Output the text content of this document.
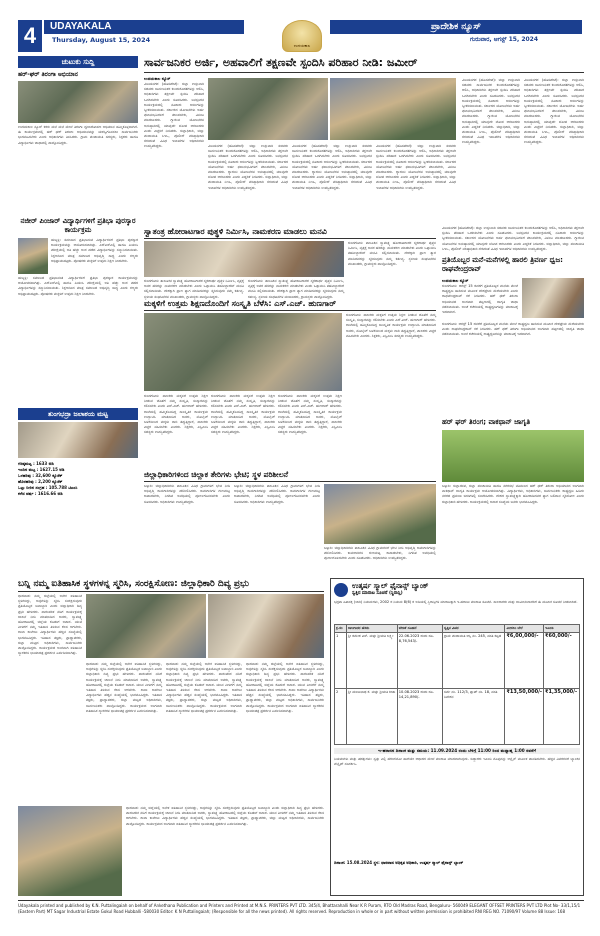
4	UDAYAKALA
Thursday, August 15, 2024
ಉದಯಕಾಲ
ಪ್ರಾದೇಶಿಕ ನ್ಯೂಸ್
ಗುರುವಾರ, ಆಗಸ್ಟ್ 15, 2024
ಚುಟುಕು ಸುದ್ದಿ
ಹರ್-ಘರ್ ತಿರಂಗಾ ಅಭಿಯಾನ
ಉದಯಕಾಲ ನ್ಯೂಸ್ ಕರಕು ಮನೆ ಮನೆ ಮೇಲೆ ತಿರಂಗಾ ಧ್ವಜಾರೋಹಣ ಅಭಿಯಾನ ಹಮ್ಮಿಕೊಳ್ಳಲಾಗಿದೆ. ಈ ಕಾರ್ಯಕ್ರಮದಲ್ಲಿ ಹರ್ ಘರ್ ತಿರಂಗಾ ಅಭಿಯಾನವನ್ನು ಯಶಸ್ವಿಗೊಳಿಸಲು ಸಾರ್ವಜನಿಕರು ಭಾಗವಹಿಸಬೇಕು ಎಂದು ಅಧಿಕಾರಿಗಳು ತಿಳಿಸಿದರು. ಗ್ರಾಮ ಪಂಚಾಯಿತಿ ಸದಸ್ಯರು, ಶಿಕ್ಷಕರು ಹಾಗೂ ವಿದ್ಯಾರ್ಥಿಗಳು ಜಾಥಾದಲ್ಲಿ ಪಾಲ್ಗೊಂಡಿದ್ದರು.
ನಜೀರ್ ಪಿಂಜಾರ್ ವಿದ್ಯಾರ್ಥಿಗಳಿಗೆ ಪ್ರತಿಭಾ ಪುರಸ್ಕಾರ ಕಾರ್ಯಕ್ರಮ
ಹುಬ್ಬಳ್ಳಿ: ಸಮಾಜದ ಪ್ರತಿಭಾವಂತ ವಿದ್ಯಾರ್ಥಿಗಳಿಗೆ ಪ್ರತಿಭಾ ಪುರಸ್ಕಾರ ಕಾರ್ಯಕ್ರಮವನ್ನು ಆಯೋಜಿಸಲಾಗಿತ್ತು. ಎಸ್ಎಸ್ಎಲ್ಸಿ ಹಾಗೂ ಪಿಯುಸಿ ಪರೀಕ್ಷೆಯಲ್ಲಿ ಅತಿ ಹೆಚ್ಚು ಅಂಕ ಪಡೆದ ವಿದ್ಯಾರ್ಥಿಗಳನ್ನು ಸನ್ಮಾನಿಸಲಾಯಿತು. ಶಿಕ್ಷಣದಿಂದ ಮಾತ್ರ ಸಮಾಜದ ಅಭಿವೃದ್ಧಿ ಸಾಧ್ಯ ಎಂದು ಗಣ್ಯರು ಅಭಿಪ್ರಾಯಪಟ್ಟರು. ಪೋಷಕರು ಮಕ್ಕಳಿಗೆ ಉತ್ತಮ ಶಿಕ್ಷಣ ನೀಡಬೇಕು.
ಹುಬ್ಬಳ್ಳಿ: ಸಮಾಜದ ಪ್ರತಿಭಾವಂತ ವಿದ್ಯಾರ್ಥಿಗಳಿಗೆ ಪ್ರತಿಭಾ ಪುರಸ್ಕಾರ ಕಾರ್ಯಕ್ರಮವನ್ನು ಆಯೋಜಿಸಲಾಗಿತ್ತು. ಎಸ್ಎಸ್ಎಲ್ಸಿ ಹಾಗೂ ಪಿಯುಸಿ ಪರೀಕ್ಷೆಯಲ್ಲಿ ಅತಿ ಹೆಚ್ಚು ಅಂಕ ಪಡೆದ ವಿದ್ಯಾರ್ಥಿಗಳನ್ನು ಸನ್ಮಾನಿಸಲಾಯಿತು. ಶಿಕ್ಷಣದಿಂದ ಮಾತ್ರ ಸಮಾಜದ ಅಭಿವೃದ್ಧಿ ಸಾಧ್ಯ ಎಂದು ಗಣ್ಯರು ಅಭಿಪ್ರಾಯಪಟ್ಟರು. ಪೋಷಕರು ಮಕ್ಕಳಿಗೆ ಉತ್ತಮ ಶಿಕ್ಷಣ ನೀಡಬೇಕು.
ತುಂಗಭದ್ರಾ ಜಲಾಶಯ ಮಟ್ಟ
ಗರಿಷ್ಠಮಟ್ಟ : 1633 ಅಡಿ
ಇಂದಿನ ಮಟ್ಟ : 1627.15 ಅಡಿ
ಒಳಹರಿವು : 32,600 ಕ್ಯೂಸೆಕ್
ಹೊರಹರಿವು : 2,200 ಕ್ಯೂಸೆಕ್
ಒಟ್ಟು ನೀರಿನ ಸಂಗ್ರಹ : 105.788 ಟಿಎಂಸಿ
ಕಳೆದ ವರ್ಷ : 1616.66 ಅಡಿ
ಸಾರ್ವಜನಿಕರ ಅರ್ಜಿ, ಅಹವಾಲಿಗೆ ತಕ್ಷಣವೇ ಸ್ಪಂದಿಸಿ ಪರಿಹಾರ ನೀಡಿ: ಜಮೀರ್
ಉದಯಕಾಲ ನ್ಯೂಸ್
ವಿಜಯನಗರ (ಹೊಸಪೇಟೆ): ಜಿಲ್ಲಾ ಉಸ್ತುವಾರಿ ಸಚಿವರು ಸಾರ್ವಜನಿಕರ ಕುಂದುಕೊರತೆಗಳನ್ನು ಆಲಿಸಿ, ಅಧಿಕಾರಿಗಳು ತಕ್ಷಣವೇ ಸ್ಪಂದಿಸಿ ಪರಿಹಾರ ಒದಗಿಸಬೇಕು ಎಂದು ಸೂಚಿಸಿದರು. ಜನಸ್ಪಂದನ ಕಾರ್ಯಕ್ರಮದಲ್ಲಿ ನೂರಾರು ಅರ್ಜಿಗಳನ್ನು ಸ್ವೀಕರಿಸಲಾಯಿತು. ಸರ್ಕಾರದ ಯೋಜನೆಗಳು ಅರ್ಹ ಫಲಾನುಭವಿಗಳಿಗೆ ತಲುಪಬೇಕು, ವಿಳಂಬ ಮಾಡಬಾರದು. ಗ್ಯಾರಂಟಿ ಯೋಜನೆಗಳ ಅನುಷ್ಠಾನದಲ್ಲಿ ಯಾವುದೇ ಲೋಪ ಆಗಬಾರದು ಎಂದು ಎಚ್ಚರಿಕೆ ನೀಡಿದರು. ಜಿಲ್ಲಾಧಿಕಾರಿ, ಜಿಲ್ಲಾ ಪಂಚಾಯಿತಿ ಸಿಇಒ, ಪೊಲೀಸ್ ವರಿಷ್ಠಾಧಿಕಾರಿ ಸೇರಿದಂತೆ ವಿವಿಧ ಇಲಾಖೆಗಳ ಅಧಿಕಾರಿಗಳು ಉಪಸ್ಥಿತರಿದ್ದರು.	ವಿಜಯನಗರ (ಹೊಸಪೇಟೆ): ಜಿಲ್ಲಾ ಉಸ್ತುವಾರಿ ಸಚಿವರು ಸಾರ್ವಜನಿಕರ ಕುಂದುಕೊರತೆಗಳನ್ನು ಆಲಿಸಿ, ಅಧಿಕಾರಿಗಳು ತಕ್ಷಣವೇ ಸ್ಪಂದಿಸಿ ಪರಿಹಾರ ಒದಗಿಸಬೇಕು ಎಂದು ಸೂಚಿಸಿದರು. ಜನಸ್ಪಂದನ ಕಾರ್ಯಕ್ರಮದಲ್ಲಿ ನೂರಾರು ಅರ್ಜಿಗಳನ್ನು ಸ್ವೀಕರಿಸಲಾಯಿತು. ಸರ್ಕಾರದ ಯೋಜನೆಗಳು ಅರ್ಹ ಫಲಾನುಭವಿಗಳಿಗೆ ತಲುಪಬೇಕು, ವಿಳಂಬ ಮಾಡಬಾರದು. ಗ್ಯಾರಂಟಿ ಯೋಜನೆಗಳ ಅನುಷ್ಠಾನದಲ್ಲಿ ಯಾವುದೇ ಲೋಪ ಆಗಬಾರದು ಎಂದು ಎಚ್ಚರಿಕೆ ನೀಡಿದರು. ಜಿಲ್ಲಾಧಿಕಾರಿ, ಜಿಲ್ಲಾ ಪಂಚಾಯಿತಿ ಸಿಇಒ, ಪೊಲೀಸ್ ವರಿಷ್ಠಾಧಿಕಾರಿ ಸೇರಿದಂತೆ ವಿವಿಧ ಇಲಾಖೆಗಳ ಅಧಿಕಾರಿಗಳು ಉಪಸ್ಥಿತರಿದ್ದರು.
ವಿಜಯನಗರ (ಹೊಸಪೇಟೆ): ಜಿಲ್ಲಾ ಉಸ್ತುವಾರಿ ಸಚಿವರು ಸಾರ್ವಜನಿಕರ ಕುಂದುಕೊರತೆಗಳನ್ನು ಆಲಿಸಿ, ಅಧಿಕಾರಿಗಳು ತಕ್ಷಣವೇ ಸ್ಪಂದಿಸಿ ಪರಿಹಾರ ಒದಗಿಸಬೇಕು ಎಂದು ಸೂಚಿಸಿದರು. ಜನಸ್ಪಂದನ ಕಾರ್ಯಕ್ರಮದಲ್ಲಿ ನೂರಾರು ಅರ್ಜಿಗಳನ್ನು ಸ್ವೀಕರಿಸಲಾಯಿತು. ಸರ್ಕಾರದ ಯೋಜನೆಗಳು ಅರ್ಹ ಫಲಾನುಭವಿಗಳಿಗೆ ತಲುಪಬೇಕು, ವಿಳಂಬ ಮಾಡಬಾರದು. ಗ್ಯಾರಂಟಿ ಯೋಜನೆಗಳ ಅನುಷ್ಠಾನದಲ್ಲಿ ಯಾವುದೇ ಲೋಪ ಆಗಬಾರದು ಎಂದು ಎಚ್ಚರಿಕೆ ನೀಡಿದರು. ಜಿಲ್ಲಾಧಿಕಾರಿ, ಜಿಲ್ಲಾ ಪಂಚಾಯಿತಿ ಸಿಇಒ, ಪೊಲೀಸ್ ವರಿಷ್ಠಾಧಿಕಾರಿ ಸೇರಿದಂತೆ ವಿವಿಧ ಇಲಾಖೆಗಳ ಅಧಿಕಾರಿಗಳು ಉಪಸ್ಥಿತರಿದ್ದರು.
ವಿಜಯನಗರ (ಹೊಸಪೇಟೆ): ಜಿಲ್ಲಾ ಉಸ್ತುವಾರಿ ಸಚಿವರು ಸಾರ್ವಜನಿಕರ ಕುಂದುಕೊರತೆಗಳನ್ನು ಆಲಿಸಿ, ಅಧಿಕಾರಿಗಳು ತಕ್ಷಣವೇ ಸ್ಪಂದಿಸಿ ಪರಿಹಾರ ಒದಗಿಸಬೇಕು ಎಂದು ಸೂಚಿಸಿದರು. ಜನಸ್ಪಂದನ ಕಾರ್ಯಕ್ರಮದಲ್ಲಿ ನೂರಾರು ಅರ್ಜಿಗಳನ್ನು ಸ್ವೀಕರಿಸಲಾಯಿತು. ಸರ್ಕಾರದ ಯೋಜನೆಗಳು ಅರ್ಹ ಫಲಾನುಭವಿಗಳಿಗೆ ತಲುಪಬೇಕು, ವಿಳಂಬ ಮಾಡಬಾರದು. ಗ್ಯಾರಂಟಿ ಯೋಜನೆಗಳ ಅನುಷ್ಠಾನದಲ್ಲಿ ಯಾವುದೇ ಲೋಪ ಆಗಬಾರದು ಎಂದು ಎಚ್ಚರಿಕೆ ನೀಡಿದರು. ಜಿಲ್ಲಾಧಿಕಾರಿ, ಜಿಲ್ಲಾ ಪಂಚಾಯಿತಿ ಸಿಇಒ, ಪೊಲೀಸ್ ವರಿಷ್ಠಾಧಿಕಾರಿ ಸೇರಿದಂತೆ ವಿವಿಧ ಇಲಾಖೆಗಳ ಅಧಿಕಾರಿಗಳು ಉಪಸ್ಥಿತರಿದ್ದರು.
ವಿಜಯನಗರ (ಹೊಸಪೇಟೆ): ಜಿಲ್ಲಾ ಉಸ್ತುವಾರಿ ಸಚಿವರು ಸಾರ್ವಜನಿಕರ ಕುಂದುಕೊರತೆಗಳನ್ನು ಆಲಿಸಿ, ಅಧಿಕಾರಿಗಳು ತಕ್ಷಣವೇ ಸ್ಪಂದಿಸಿ ಪರಿಹಾರ ಒದಗಿಸಬೇಕು ಎಂದು ಸೂಚಿಸಿದರು. ಜನಸ್ಪಂದನ ಕಾರ್ಯಕ್ರಮದಲ್ಲಿ ನೂರಾರು ಅರ್ಜಿಗಳನ್ನು ಸ್ವೀಕರಿಸಲಾಯಿತು. ಸರ್ಕಾರದ ಯೋಜನೆಗಳು ಅರ್ಹ ಫಲಾನುಭವಿಗಳಿಗೆ ತಲುಪಬೇಕು, ವಿಳಂಬ ಮಾಡಬಾರದು. ಗ್ಯಾರಂಟಿ ಯೋಜನೆಗಳ ಅನುಷ್ಠಾನದಲ್ಲಿ ಯಾವುದೇ ಲೋಪ ಆಗಬಾರದು ಎಂದು ಎಚ್ಚರಿಕೆ ನೀಡಿದರು. ಜಿಲ್ಲಾಧಿಕಾರಿ, ಜಿಲ್ಲಾ ಪಂಚಾಯಿತಿ ಸಿಇಒ, ಪೊಲೀಸ್ ವರಿಷ್ಠಾಧಿಕಾರಿ ಸೇರಿದಂತೆ ವಿವಿಧ ಇಲಾಖೆಗಳ ಅಧಿಕಾರಿಗಳು ಉಪಸ್ಥಿತರಿದ್ದರು.
ವಿಜಯನಗರ (ಹೊಸಪೇಟೆ): ಜಿಲ್ಲಾ ಉಸ್ತುವಾರಿ ಸಚಿವರು ಸಾರ್ವಜನಿಕರ ಕುಂದುಕೊರತೆಗಳನ್ನು ಆಲಿಸಿ, ಅಧಿಕಾರಿಗಳು ತಕ್ಷಣವೇ ಸ್ಪಂದಿಸಿ ಪರಿಹಾರ ಒದಗಿಸಬೇಕು ಎಂದು ಸೂಚಿಸಿದರು. ಜನಸ್ಪಂದನ ಕಾರ್ಯಕ್ರಮದಲ್ಲಿ ನೂರಾರು ಅರ್ಜಿಗಳನ್ನು ಸ್ವೀಕರಿಸಲಾಯಿತು. ಸರ್ಕಾರದ ಯೋಜನೆಗಳು ಅರ್ಹ ಫಲಾನುಭವಿಗಳಿಗೆ ತಲುಪಬೇಕು, ವಿಳಂಬ ಮಾಡಬಾರದು. ಗ್ಯಾರಂಟಿ ಯೋಜನೆಗಳ ಅನುಷ್ಠಾನದಲ್ಲಿ ಯಾವುದೇ ಲೋಪ ಆಗಬಾರದು ಎಂದು ಎಚ್ಚರಿಕೆ ನೀಡಿದರು. ಜಿಲ್ಲಾಧಿಕಾರಿ, ಜಿಲ್ಲಾ ಪಂಚಾಯಿತಿ ಸಿಇಒ, ಪೊಲೀಸ್ ವರಿಷ್ಠಾಧಿಕಾರಿ ಸೇರಿದಂತೆ ವಿವಿಧ ಇಲಾಖೆಗಳ ಅಧಿಕಾರಿಗಳು ಉಪಸ್ಥಿತರಿದ್ದರು.
ಸ್ವಾತಂತ್ರ ಹೋರಾಟಗಾರ ಪುತ್ಥಳಿ ನಿರ್ಮಿಸಿ, ನಾಮಕರಣ ಮಾಡಲು ಮನವಿ
ಕುಂದಗೋಳ: ತಾಲೂಕಿನ ಸ್ವಾತಂತ್ರ್ಯ ಹೋರಾಟಗಾರರ ಸ್ಮರಣಾರ್ಥ ಪುತ್ಥಳಿ ನಿರ್ಮಿಸಿ, ವೃತ್ತಕ್ಕೆ ಅವರ ಹೆಸರನ್ನು ನಾಮಕರಣ ಮಾಡಬೇಕು ಎಂದು ಒತ್ತಾಯಿಸಿ ತಹಸೀಲ್ದಾರರಿಗೆ ಮನವಿ ಸಲ್ಲಿಸಲಾಯಿತು. ದೇಶಕ್ಕಾಗಿ ಪ್ರಾಣ ತ್ಯಾಗ ಮಾಡಿದವರನ್ನು ಸ್ಮರಿಸುವುದು ನಮ್ಮ ಕರ್ತವ್ಯ. ಸ್ಥಳೀಯ ಸಂಘಟನೆಗಳ ಮುಖಂಡರು, ಗ್ರಾಮಸ್ಥರು ಪಾಲ್ಗೊಂಡಿದ್ದರು.
ಕುಂದಗೋಳ: ತಾಲೂಕಿನ ಸ್ವಾತಂತ್ರ್ಯ ಹೋರಾಟಗಾರರ ಸ್ಮರಣಾರ್ಥ ಪುತ್ಥಳಿ ನಿರ್ಮಿಸಿ, ವೃತ್ತಕ್ಕೆ ಅವರ ಹೆಸರನ್ನು ನಾಮಕರಣ ಮಾಡಬೇಕು ಎಂದು ಒತ್ತಾಯಿಸಿ ತಹಸೀಲ್ದಾರರಿಗೆ ಮನವಿ ಸಲ್ಲಿಸಲಾಯಿತು. ದೇಶಕ್ಕಾಗಿ ಪ್ರಾಣ ತ್ಯಾಗ ಮಾಡಿದವರನ್ನು ಸ್ಮರಿಸುವುದು ನಮ್ಮ ಕರ್ತವ್ಯ. ಸ್ಥಳೀಯ ಸಂಘಟನೆಗಳ ಮುಖಂಡರು, ಗ್ರಾಮಸ್ಥರು ಪಾಲ್ಗೊಂಡಿದ್ದರು.
ಕುಂದಗೋಳ: ತಾಲೂಕಿನ ಸ್ವಾತಂತ್ರ್ಯ ಹೋರಾಟಗಾರರ ಸ್ಮರಣಾರ್ಥ ಪುತ್ಥಳಿ ನಿರ್ಮಿಸಿ, ವೃತ್ತಕ್ಕೆ ಅವರ ಹೆಸರನ್ನು ನಾಮಕರಣ ಮಾಡಬೇಕು ಎಂದು ಒತ್ತಾಯಿಸಿ ತಹಸೀಲ್ದಾರರಿಗೆ ಮನವಿ ಸಲ್ಲಿಸಲಾಯಿತು. ದೇಶಕ್ಕಾಗಿ ಪ್ರಾಣ ತ್ಯಾಗ ಮಾಡಿದವರನ್ನು ಸ್ಮರಿಸುವುದು ನಮ್ಮ ಕರ್ತವ್ಯ. ಸ್ಥಳೀಯ ಸಂಘಟನೆಗಳ ಮುಖಂಡರು, ಗ್ರಾಮಸ್ಥರು ಪಾಲ್ಗೊಂಡಿದ್ದರು.
ಮಕ್ಕಳಿಗೆ ಉತ್ತಮ ಶಿಕ್ಷಣದೊಂದಿಗೆ ಸಂಸ್ಕೃತಿ ಬೆಳೆಸಿ: ಎಸ್.ಎಚ್. ಹುಣಗಾರ್
ಕುಂದಗೋಳ: ಪಾಲಕರು ಮಕ್ಕಳಿಗೆ ಉತ್ತಮ ಶಿಕ್ಷಣ ನೀಡುವ ಜೊತೆಗೆ ನಮ್ಮ ಸಂಸ್ಕೃತಿ, ಸಂಸ್ಕಾರವನ್ನು ಕಲಿಸಬೇಕು ಎಂದು ಎಸ್.ಎಚ್. ಹುಣಗಾರ್ ಹೇಳಿದರು. ಶಾಲೆಯಲ್ಲಿ ಹಮ್ಮಿಕೊಂಡಿದ್ದ ಸಾಂಸ್ಕೃತಿಕ ಕಾರ್ಯಕ್ರಮ ಉದ್ಘಾಟಿಸಿ ಮಾತನಾಡಿದ ಅವರು, ಮೊಬೈಲ್ ಬಳಕೆಯಿಂದ ಮಕ್ಕಳು ದಾರಿ ತಪ್ಪುತ್ತಿದ್ದಾರೆ, ಪಾಲಕರು ಎಚ್ಚರ ವಹಿಸಬೇಕು ಎಂದರು. ಶಿಕ್ಷಕರು, ಎಸ್ಡಿಎಂಸಿ ಸದಸ್ಯರು ಉಪಸ್ಥಿತರಿದ್ದರು.
ಕುಂದಗೋಳ: ಪಾಲಕರು ಮಕ್ಕಳಿಗೆ ಉತ್ತಮ ಶಿಕ್ಷಣ ನೀಡುವ ಜೊತೆಗೆ ನಮ್ಮ ಸಂಸ್ಕೃತಿ, ಸಂಸ್ಕಾರವನ್ನು ಕಲಿಸಬೇಕು ಎಂದು ಎಸ್.ಎಚ್. ಹುಣಗಾರ್ ಹೇಳಿದರು. ಶಾಲೆಯಲ್ಲಿ ಹಮ್ಮಿಕೊಂಡಿದ್ದ ಸಾಂಸ್ಕೃತಿಕ ಕಾರ್ಯಕ್ರಮ ಉದ್ಘಾಟಿಸಿ ಮಾತನಾಡಿದ ಅವರು, ಮೊಬೈಲ್ ಬಳಕೆಯಿಂದ ಮಕ್ಕಳು ದಾರಿ ತಪ್ಪುತ್ತಿದ್ದಾರೆ, ಪಾಲಕರು ಎಚ್ಚರ ವಹಿಸಬೇಕು ಎಂದರು. ಶಿಕ್ಷಕರು, ಎಸ್ಡಿಎಂಸಿ ಸದಸ್ಯರು ಉಪಸ್ಥಿತರಿದ್ದರು.
ಕುಂದಗೋಳ: ಪಾಲಕರು ಮಕ್ಕಳಿಗೆ ಉತ್ತಮ ಶಿಕ್ಷಣ ನೀಡುವ ಜೊತೆಗೆ ನಮ್ಮ ಸಂಸ್ಕೃತಿ, ಸಂಸ್ಕಾರವನ್ನು ಕಲಿಸಬೇಕು ಎಂದು ಎಸ್.ಎಚ್. ಹುಣಗಾರ್ ಹೇಳಿದರು. ಶಾಲೆಯಲ್ಲಿ ಹಮ್ಮಿಕೊಂಡಿದ್ದ ಸಾಂಸ್ಕೃತಿಕ ಕಾರ್ಯಕ್ರಮ ಉದ್ಘಾಟಿಸಿ ಮಾತನಾಡಿದ ಅವರು, ಮೊಬೈಲ್ ಬಳಕೆಯಿಂದ ಮಕ್ಕಳು ದಾರಿ ತಪ್ಪುತ್ತಿದ್ದಾರೆ, ಪಾಲಕರು ಎಚ್ಚರ ವಹಿಸಬೇಕು ಎಂದರು. ಶಿಕ್ಷಕರು, ಎಸ್ಡಿಎಂಸಿ ಸದಸ್ಯರು ಉಪಸ್ಥಿತರಿದ್ದರು.
ಕುಂದಗೋಳ: ಪಾಲಕರು ಮಕ್ಕಳಿಗೆ ಉತ್ತಮ ಶಿಕ್ಷಣ ನೀಡುವ ಜೊತೆಗೆ ನಮ್ಮ ಸಂಸ್ಕೃತಿ, ಸಂಸ್ಕಾರವನ್ನು ಕಲಿಸಬೇಕು ಎಂದು ಎಸ್.ಎಚ್. ಹುಣಗಾರ್ ಹೇಳಿದರು. ಶಾಲೆಯಲ್ಲಿ ಹಮ್ಮಿಕೊಂಡಿದ್ದ ಸಾಂಸ್ಕೃತಿಕ ಕಾರ್ಯಕ್ರಮ ಉದ್ಘಾಟಿಸಿ ಮಾತನಾಡಿದ ಅವರು, ಮೊಬೈಲ್ ಬಳಕೆಯಿಂದ ಮಕ್ಕಳು ದಾರಿ ತಪ್ಪುತ್ತಿದ್ದಾರೆ, ಪಾಲಕರು ಎಚ್ಚರ ವಹಿಸಬೇಕು ಎಂದರು. ಶಿಕ್ಷಕರು, ಎಸ್ಡಿಎಂಸಿ ಸದಸ್ಯರು ಉಪಸ್ಥಿತರಿದ್ದರು.
ಜಿಲ್ಲಾಧಿಕಾರಿಗಳಿಂದ ಚಿಲ್ಲಾಕ ತೇರಿಗಳು ಭೇಟಿ; ಸ್ಥಳ ಪರಿಶೀಲನೆ
ಬಳ್ಳಾರಿ: ಜಿಲ್ಲಾಧಿಕಾರಿಗಳು ತಾಲೂಕಿನ ವಿವಿಧ ಗ್ರಾಮಗಳಿಗೆ ಭೇಟಿ ನೀಡಿ ಅಭಿವೃದ್ಧಿ ಕಾಮಗಾರಿಗಳನ್ನು ಪರಿಶೀಲಿಸಿದರು. ಕಾಮಗಾರಿಗಳ ಗುಣಮಟ್ಟ ಕಾಪಾಡಬೇಕು, ನಿಗದಿತ ಅವಧಿಯಲ್ಲಿ ಪೂರ್ಣಗೊಳಿಸಬೇಕು ಎಂದು ಸೂಚಿಸಿದರು. ಅಧಿಕಾರಿಗಳು ಉಪಸ್ಥಿತರಿದ್ದರು.
ಬಳ್ಳಾರಿ: ಜಿಲ್ಲಾಧಿಕಾರಿಗಳು ತಾಲೂಕಿನ ವಿವಿಧ ಗ್ರಾಮಗಳಿಗೆ ಭೇಟಿ ನೀಡಿ ಅಭಿವೃದ್ಧಿ ಕಾಮಗಾರಿಗಳನ್ನು ಪರಿಶೀಲಿಸಿದರು. ಕಾಮಗಾರಿಗಳ ಗುಣಮಟ್ಟ ಕಾಪಾಡಬೇಕು, ನಿಗದಿತ ಅವಧಿಯಲ್ಲಿ ಪೂರ್ಣಗೊಳಿಸಬೇಕು ಎಂದು ಸೂಚಿಸಿದರು. ಅಧಿಕಾರಿಗಳು ಉಪಸ್ಥಿತರಿದ್ದರು.
ಬಳ್ಳಾರಿ: ಜಿಲ್ಲಾಧಿಕಾರಿಗಳು ತಾಲೂಕಿನ ವಿವಿಧ ಗ್ರಾಮಗಳಿಗೆ ಭೇಟಿ ನೀಡಿ ಅಭಿವೃದ್ಧಿ ಕಾಮಗಾರಿಗಳನ್ನು ಪರಿಶೀಲಿಸಿದರು. ಕಾಮಗಾರಿಗಳ ಗುಣಮಟ್ಟ ಕಾಪಾಡಬೇಕು, ನಿಗದಿತ ಅವಧಿಯಲ್ಲಿ ಪೂರ್ಣಗೊಳಿಸಬೇಕು ಎಂದು ಸೂಚಿಸಿದರು. ಅಧಿಕಾರಿಗಳು ಉಪಸ್ಥಿತರಿದ್ದರು.
ವಿಜಯನಗರ (ಹೊಸಪೇಟೆ): ಜಿಲ್ಲಾ ಉಸ್ತುವಾರಿ ಸಚಿವರು ಸಾರ್ವಜನಿಕರ ಕುಂದುಕೊರತೆಗಳನ್ನು ಆಲಿಸಿ, ಅಧಿಕಾರಿಗಳು ತಕ್ಷಣವೇ ಸ್ಪಂದಿಸಿ ಪರಿಹಾರ ಒದಗಿಸಬೇಕು ಎಂದು ಸೂಚಿಸಿದರು. ಜನಸ್ಪಂದನ ಕಾರ್ಯಕ್ರಮದಲ್ಲಿ ನೂರಾರು ಅರ್ಜಿಗಳನ್ನು ಸ್ವೀಕರಿಸಲಾಯಿತು. ಸರ್ಕಾರದ ಯೋಜನೆಗಳು ಅರ್ಹ ಫಲಾನುಭವಿಗಳಿಗೆ ತಲುಪಬೇಕು, ವಿಳಂಬ ಮಾಡಬಾರದು. ಗ್ಯಾರಂಟಿ ಯೋಜನೆಗಳ ಅನುಷ್ಠಾನದಲ್ಲಿ ಯಾವುದೇ ಲೋಪ ಆಗಬಾರದು ಎಂದು ಎಚ್ಚರಿಕೆ ನೀಡಿದರು. ಜಿಲ್ಲಾಧಿಕಾರಿ, ಜಿಲ್ಲಾ ಪಂಚಾಯಿತಿ ಸಿಇಒ, ಪೊಲೀಸ್ ವರಿಷ್ಠಾಧಿಕಾರಿ ಸೇರಿದಂತೆ ವಿವಿಧ ಇಲಾಖೆಗಳ ಅಧಿಕಾರಿಗಳು ಉಪಸ್ಥಿತರಿದ್ದರು.
ಪ್ರತಿಯೊಬ್ಬರ ಮನೆ-ಮನೆಗಳಲ್ಲಿ ಹಾರಲಿ ತ್ರಿವರ್ಣ ಧ್ವಜ: ರಾಘವೇಂದ್ರರಾವ್
ಉದಯಕಾಲ ನ್ಯೂಸ್
ಕುಂದಗೋಳ: ಆಗಸ್ಟ್ 15 ರವರೆಗೆ ಪ್ರತಿಯೊಬ್ಬರ ಮನೆಯ ಮೇಲೆ ರಾಷ್ಟ್ರಧ್ವಜ ಹಾರಿಸುವ ಮೂಲಕ ದೇಶಪ್ರೇಮ ಮೆರೆಯಬೇಕು ಎಂದು ರಾಘವೇಂದ್ರರಾವ್ ಕರೆ ನೀಡಿದರು. ಹರ್ ಘರ್ ತಿರಂಗಾ ಅಭಿಯಾನದ ಅಂಗವಾಗಿ ಪಟ್ಟಣದಲ್ಲಿ ಜಾಗೃತಿ ಜಾಥಾ ನಡೆಸಲಾಯಿತು. ಅಂಚೆ ಕಚೇರಿಯಲ್ಲಿ ರಾಷ್ಟ್ರಧ್ವಜಗಳನ್ನು ಮಾರಾಟಕ್ಕೆ ಇಡಲಾಗಿದೆ.
ಕುಂದಗೋಳ: ಆಗಸ್ಟ್ 15 ರವರೆಗೆ ಪ್ರತಿಯೊಬ್ಬರ ಮನೆಯ ಮೇಲೆ ರಾಷ್ಟ್ರಧ್ವಜ ಹಾರಿಸುವ ಮೂಲಕ ದೇಶಪ್ರೇಮ ಮೆರೆಯಬೇಕು ಎಂದು ರಾಘವೇಂದ್ರರಾವ್ ಕರೆ ನೀಡಿದರು. ಹರ್ ಘರ್ ತಿರಂಗಾ ಅಭಿಯಾನದ ಅಂಗವಾಗಿ ಪಟ್ಟಣದಲ್ಲಿ ಜಾಗೃತಿ ಜಾಥಾ ನಡೆಸಲಾಯಿತು. ಅಂಚೆ ಕಚೇರಿಯಲ್ಲಿ ರಾಷ್ಟ್ರಧ್ವಜಗಳನ್ನು ಮಾರಾಟಕ್ಕೆ ಇಡಲಾಗಿದೆ.
ಹರ್ ಘರ್ ತಿರಂಗ; ವಾಕಥಾನ್ ಜಾಗೃತಿ
ಬಳ್ಳಾರಿ: ಜಿಲ್ಲಾಡಳಿತ, ಜಿಲ್ಲಾ ಪಂಚಾಯಿತಿ ಹಾಗೂ ನಗರಸಭೆ ವತಿಯಿಂದ ಹರ್ ಘರ್ ತಿರಂಗಾ ಅಭಿಯಾನದ ಅಂಗವಾಗಿ ವಾಕಥಾನ್ ಜಾಗೃತಿ ಕಾರ್ಯಕ್ರಮ ಆಯೋಜಿಸಲಾಗಿತ್ತು. ವಿದ್ಯಾರ್ಥಿಗಳು, ಅಧಿಕಾರಿಗಳು, ಸಾರ್ವಜನಿಕರು ರಾಷ್ಟ್ರಧ್ವಜ ಹಿಡಿದು ನಗರದ ಪ್ರಮುಖ ಬೀದಿಗಳಲ್ಲಿ ಸಂಚರಿಸಿದರು. ದೇಶದ ಸ್ವಾತಂತ್ರ್ಯಕ್ಕಾಗಿ ಹೋರಾಡಿದವರ ತ್ಯಾಗ ಬಲಿದಾನ ಸ್ಮರಿಸೋಣ ಎಂದು ಜಿಲ್ಲಾಧಿಕಾರಿ ಹೇಳಿದರು. ಕಾರ್ಯಕ್ರಮದಲ್ಲಿ ಅಪಾರ ಸಂಖ್ಯೆಯ ಜನರು ಭಾಗವಹಿಸಿದ್ದರು.
ಬನ್ನಿ ನಮ್ಮ ಐತಿಹಾಸಿಕ ಸ್ಥಳಗಳನ್ನ ಸ್ಮರಿಸಿ, ಸಂರಕ್ಷಿಸೋಣ: ಜಿಲ್ಲಾಧಿಕಾರಿ ದಿವ್ಯ ಪ್ರಭು
ಧಾರವಾಡ: ನಮ್ಮ ಜಿಲ್ಲೆಯಲ್ಲಿ ಅನೇಕ ಐತಿಹಾಸಿಕ ಸ್ಥಳಗಳಿದ್ದು, ಅವುಗಳನ್ನು ಸ್ಮರಿಸಿ ಸಂರಕ್ಷಿಸುವುದು ಪ್ರತಿಯೊಬ್ಬರ ಜವಾಬ್ದಾರಿ ಎಂದು ಜಿಲ್ಲಾಧಿಕಾರಿ ದಿವ್ಯ ಪ್ರಭು ಹೇಳಿದರು. ಪಾರಂಪರಿಕ ನಡಿಗೆ ಕಾರ್ಯಕ್ರಮಕ್ಕೆ ಚಾಲನೆ ನೀಡಿ ಮಾತನಾಡಿದ ಅವರು, ಸ್ವಾತಂತ್ರ್ಯ ಹೋರಾಟದಲ್ಲಿ ಜಿಲ್ಲೆಯ ಕೊಡುಗೆ ಅಪಾರ. ಯುವ ಪೀಳಿಗೆಗೆ ನಮ್ಮ ಇತಿಹಾಸ ತಿಳಿಸುವ ಕೆಲಸ ಆಗಬೇಕು. ಶಾಲಾ ಕಾಲೇಜು ವಿದ್ಯಾರ್ಥಿಗಳು ಹೆಚ್ಚಿನ ಸಂಖ್ಯೆಯಲ್ಲಿ ಭಾಗವಹಿಸಿದ್ದರು. ಇತಿಹಾಸ ತಜ್ಞರು, ಪ್ರಾಧ್ಯಾಪಕರು, ಜಿಲ್ಲಾ ಮಟ್ಟದ ಅಧಿಕಾರಿಗಳು, ಸಾರ್ವಜನಿಕರು ಪಾಲ್ಗೊಂಡಿದ್ದರು. ಕಾರ್ಯಕ್ರಮದ ಅಂಗವಾಗಿ ಐತಿಹಾಸಿಕ ಸ್ಮಾರಕಗಳ ಛಾಯಾಚಿತ್ರ ಪ್ರದರ್ಶನ ಏರ್ಪಡಿಸಲಾಗಿತ್ತು.
ಧಾರವಾಡ: ನಮ್ಮ ಜಿಲ್ಲೆಯಲ್ಲಿ ಅನೇಕ ಐತಿಹಾಸಿಕ ಸ್ಥಳಗಳಿದ್ದು, ಅವುಗಳನ್ನು ಸ್ಮರಿಸಿ ಸಂರಕ್ಷಿಸುವುದು ಪ್ರತಿಯೊಬ್ಬರ ಜವಾಬ್ದಾರಿ ಎಂದು ಜಿಲ್ಲಾಧಿಕಾರಿ ದಿವ್ಯ ಪ್ರಭು ಹೇಳಿದರು. ಪಾರಂಪರಿಕ ನಡಿಗೆ ಕಾರ್ಯಕ್ರಮಕ್ಕೆ ಚಾಲನೆ ನೀಡಿ ಮಾತನಾಡಿದ ಅವರು, ಸ್ವಾತಂತ್ರ್ಯ ಹೋರಾಟದಲ್ಲಿ ಜಿಲ್ಲೆಯ ಕೊಡುಗೆ ಅಪಾರ. ಯುವ ಪೀಳಿಗೆಗೆ ನಮ್ಮ ಇತಿಹಾಸ ತಿಳಿಸುವ ಕೆಲಸ ಆಗಬೇಕು. ಶಾಲಾ ಕಾಲೇಜು ವಿದ್ಯಾರ್ಥಿಗಳು ಹೆಚ್ಚಿನ ಸಂಖ್ಯೆಯಲ್ಲಿ ಭಾಗವಹಿಸಿದ್ದರು. ಇತಿಹಾಸ ತಜ್ಞರು, ಪ್ರಾಧ್ಯಾಪಕರು, ಜಿಲ್ಲಾ ಮಟ್ಟದ ಅಧಿಕಾರಿಗಳು, ಸಾರ್ವಜನಿಕರು ಪಾಲ್ಗೊಂಡಿದ್ದರು. ಕಾರ್ಯಕ್ರಮದ ಅಂಗವಾಗಿ ಐತಿಹಾಸಿಕ ಸ್ಮಾರಕಗಳ ಛಾಯಾಚಿತ್ರ ಪ್ರದರ್ಶನ ಏರ್ಪಡಿಸಲಾಗಿತ್ತು.
ಧಾರವಾಡ: ನಮ್ಮ ಜಿಲ್ಲೆಯಲ್ಲಿ ಅನೇಕ ಐತಿಹಾಸಿಕ ಸ್ಥಳಗಳಿದ್ದು, ಅವುಗಳನ್ನು ಸ್ಮರಿಸಿ ಸಂರಕ್ಷಿಸುವುದು ಪ್ರತಿಯೊಬ್ಬರ ಜವಾಬ್ದಾರಿ ಎಂದು ಜಿಲ್ಲಾಧಿಕಾರಿ ದಿವ್ಯ ಪ್ರಭು ಹೇಳಿದರು. ಪಾರಂಪರಿಕ ನಡಿಗೆ ಕಾರ್ಯಕ್ರಮಕ್ಕೆ ಚಾಲನೆ ನೀಡಿ ಮಾತನಾಡಿದ ಅವರು, ಸ್ವಾತಂತ್ರ್ಯ ಹೋರಾಟದಲ್ಲಿ ಜಿಲ್ಲೆಯ ಕೊಡುಗೆ ಅಪಾರ. ಯುವ ಪೀಳಿಗೆಗೆ ನಮ್ಮ ಇತಿಹಾಸ ತಿಳಿಸುವ ಕೆಲಸ ಆಗಬೇಕು. ಶಾಲಾ ಕಾಲೇಜು ವಿದ್ಯಾರ್ಥಿಗಳು ಹೆಚ್ಚಿನ ಸಂಖ್ಯೆಯಲ್ಲಿ ಭಾಗವಹಿಸಿದ್ದರು. ಇತಿಹಾಸ ತಜ್ಞರು, ಪ್ರಾಧ್ಯಾಪಕರು, ಜಿಲ್ಲಾ ಮಟ್ಟದ ಅಧಿಕಾರಿಗಳು, ಸಾರ್ವಜನಿಕರು ಪಾಲ್ಗೊಂಡಿದ್ದರು. ಕಾರ್ಯಕ್ರಮದ ಅಂಗವಾಗಿ ಐತಿಹಾಸಿಕ ಸ್ಮಾರಕಗಳ ಛಾಯಾಚಿತ್ರ ಪ್ರದರ್ಶನ ಏರ್ಪಡಿಸಲಾಗಿತ್ತು.
ಧಾರವಾಡ: ನಮ್ಮ ಜಿಲ್ಲೆಯಲ್ಲಿ ಅನೇಕ ಐತಿಹಾಸಿಕ ಸ್ಥಳಗಳಿದ್ದು, ಅವುಗಳನ್ನು ಸ್ಮರಿಸಿ ಸಂರಕ್ಷಿಸುವುದು ಪ್ರತಿಯೊಬ್ಬರ ಜವಾಬ್ದಾರಿ ಎಂದು ಜಿಲ್ಲಾಧಿಕಾರಿ ದಿವ್ಯ ಪ್ರಭು ಹೇಳಿದರು. ಪಾರಂಪರಿಕ ನಡಿಗೆ ಕಾರ್ಯಕ್ರಮಕ್ಕೆ ಚಾಲನೆ ನೀಡಿ ಮಾತನಾಡಿದ ಅವರು, ಸ್ವಾತಂತ್ರ್ಯ ಹೋರಾಟದಲ್ಲಿ ಜಿಲ್ಲೆಯ ಕೊಡುಗೆ ಅಪಾರ. ಯುವ ಪೀಳಿಗೆಗೆ ನಮ್ಮ ಇತಿಹಾಸ ತಿಳಿಸುವ ಕೆಲಸ ಆಗಬೇಕು. ಶಾಲಾ ಕಾಲೇಜು ವಿದ್ಯಾರ್ಥಿಗಳು ಹೆಚ್ಚಿನ ಸಂಖ್ಯೆಯಲ್ಲಿ ಭಾಗವಹಿಸಿದ್ದರು. ಇತಿಹಾಸ ತಜ್ಞರು, ಪ್ರಾಧ್ಯಾಪಕರು, ಜಿಲ್ಲಾ ಮಟ್ಟದ ಅಧಿಕಾರಿಗಳು, ಸಾರ್ವಜನಿಕರು ಪಾಲ್ಗೊಂಡಿದ್ದರು. ಕಾರ್ಯಕ್ರಮದ ಅಂಗವಾಗಿ ಐತಿಹಾಸಿಕ ಸ್ಮಾರಕಗಳ ಛಾಯಾಚಿತ್ರ ಪ್ರದರ್ಶನ ಏರ್ಪಡಿಸಲಾಗಿತ್ತು.
ಧಾರವಾಡ: ನಮ್ಮ ಜಿಲ್ಲೆಯಲ್ಲಿ ಅನೇಕ ಐತಿಹಾಸಿಕ ಸ್ಥಳಗಳಿದ್ದು, ಅವುಗಳನ್ನು ಸ್ಮರಿಸಿ ಸಂರಕ್ಷಿಸುವುದು ಪ್ರತಿಯೊಬ್ಬರ ಜವಾಬ್ದಾರಿ ಎಂದು ಜಿಲ್ಲಾಧಿಕಾರಿ ದಿವ್ಯ ಪ್ರಭು ಹೇಳಿದರು. ಪಾರಂಪರಿಕ ನಡಿಗೆ ಕಾರ್ಯಕ್ರಮಕ್ಕೆ ಚಾಲನೆ ನೀಡಿ ಮಾತನಾಡಿದ ಅವರು, ಸ್ವಾತಂತ್ರ್ಯ ಹೋರಾಟದಲ್ಲಿ ಜಿಲ್ಲೆಯ ಕೊಡುಗೆ ಅಪಾರ. ಯುವ ಪೀಳಿಗೆಗೆ ನಮ್ಮ ಇತಿಹಾಸ ತಿಳಿಸುವ ಕೆಲಸ ಆಗಬೇಕು. ಶಾಲಾ ಕಾಲೇಜು ವಿದ್ಯಾರ್ಥಿಗಳು ಹೆಚ್ಚಿನ ಸಂಖ್ಯೆಯಲ್ಲಿ ಭಾಗವಹಿಸಿದ್ದರು. ಇತಿಹಾಸ ತಜ್ಞರು, ಪ್ರಾಧ್ಯಾಪಕರು, ಜಿಲ್ಲಾ ಮಟ್ಟದ ಅಧಿಕಾರಿಗಳು, ಸಾರ್ವಜನಿಕರು ಪಾಲ್ಗೊಂಡಿದ್ದರು. ಕಾರ್ಯಕ್ರಮದ ಅಂಗವಾಗಿ ಐತಿಹಾಸಿಕ ಸ್ಮಾರಕಗಳ ಛಾಯಾಚಿತ್ರ ಪ್ರದರ್ಶನ ಏರ್ಪಡಿಸಲಾಗಿತ್ತು.
ಉತ್ಕರ್ಷ ಸ್ಮಾಲ್ ಫೈನಾನ್ಸ್ ಬ್ಯಾಂಕ್
ಸ್ವತ್ತಿನ ಮಾರಾಟ ಸೂಚನೆ (ಸ್ಥಿರಾಸ್ತಿ)
ಭದ್ರತಾ ಹಿತಾಸಕ್ತಿ (ಜಾರಿ) ನಿಯಮಗಳು, 2002 ರ ನಿಯಮ 8(6) ರ ಅಡಿಯಲ್ಲಿ ಸ್ಥಿರಾಸ್ತಿಗಳ ಮಾರಾಟಕ್ಕಾಗಿ ಇ-ಹರಾಜು ಮಾರಾಟ ಸೂಚನೆ. ಸಾಲಗಾರರು ಮತ್ತು ಜಾಮೀನುದಾರರಿಗೆ ಈ ಮೂಲಕ ಸೂಚನೆ ನೀಡಲಾಗಿದೆ.
ಕ್ರ.ಸಂ	ಸಾಲಗಾರರ ಹೆಸರು	ಬೇಡಿಕೆ ಸೂಚನೆ	ಸ್ವತ್ತಿನ ವಿವರ	ಮೀಸಲು ಬೆಲೆ	ಇಎಂಡಿ
1	ಶ್ರೀ ರಮೇಶ ಎಸ್. ಮತ್ತು ಶ್ರೀಮತಿ ಲಕ್ಷ್ಮೀ	22.06.2023 ರಂದು ರೂ. 8,76,543/-	ಗ್ರಾಮ ಪಂಚಾಯಿತಿ ಆಸ್ತಿ ನಂ. 245, ವಸತಿ ಕಟ್ಟಡ	₹6,00,000/-	₹60,000/-
2	ಶ್ರೀ ಮಂಜುನಾಥ ಕೆ. ಮತ್ತು ಶ್ರೀಮತಿ ಗೀತಾ	10.08.2023 ರಂದು ರೂ. 14,21,890/-	ಸರ್ವೆ ನಂ. 112/3, ಪ್ಲಾಟ್ ನಂ. 18, ವಸತಿ ನಿವೇಶನ	₹13,50,000/-	₹1,35,000/-
ಇ-ಹರಾಜಿನ ದಿನಾಂಕ ಮತ್ತು ಸಮಯ: 11.09.2024 ರಂದು ಬೆಳಿಗ್ಗೆ 11:00 ರಿಂದ ಮಧ್ಯಾಹ್ನ 1:00 ರವರೆಗೆ
ನಿಯಮಗಳು ಮತ್ತು ಷರತ್ತುಗಳು: ಸ್ವತ್ತು ಎಲ್ಲಿ ಹೇಗಿದೆಯೋ ಹಾಗೆಯೇ ಆಧಾರದ ಮೇಲೆ ಮಾರಾಟ ಮಾಡಲಾಗುವುದು. ಬಿಡ್ದಾರರು ಇಎಂಡಿ ಮೊತ್ತವನ್ನು ಆನ್ಲೈನ್ ಮೂಲಕ ಪಾವತಿಸಬೇಕು. ಹೆಚ್ಚಿನ ವಿವರಗಳಿಗೆ ಬ್ಯಾಂಕಿನ ವೆಬ್ಸೈಟ್ ಸಂಪರ್ಕಿಸಿ.
ದಿನಾಂಕ: 15.08.2024 ಸ್ಥಳ: ಧಾರವಾಡ ಅಧಿಕೃತ ಅಧಿಕಾರಿ, ಉತ್ಕರ್ಷ ಸ್ಮಾಲ್ ಫೈನಾನ್ಸ್ ಬ್ಯಾಂಕ್
Udayakala printed and published by K.N. Puttalingaiah on behalf of Ankethana Publication and Printers and Printed at M.N.S. PRINTERS PVT LTD. 345/4, Bhattarahalli Near K R Puram, RTO Old Madras Road, Bengaluru- 560049 ELEGANT OFFSET PRINTERS PVT LTD Plot No- 33/1,15/1 (Eastern Part) MT Sagar Industrial Estate Gokul Road Hubballi -580030 Editor: K N Puttalingaiah; (Responsible for all the news printed). All rights reserved. Reproduction in whole or in part without written permission is prohibited RNI REG NO. 71090/97 Volume 88 Issue: 168
